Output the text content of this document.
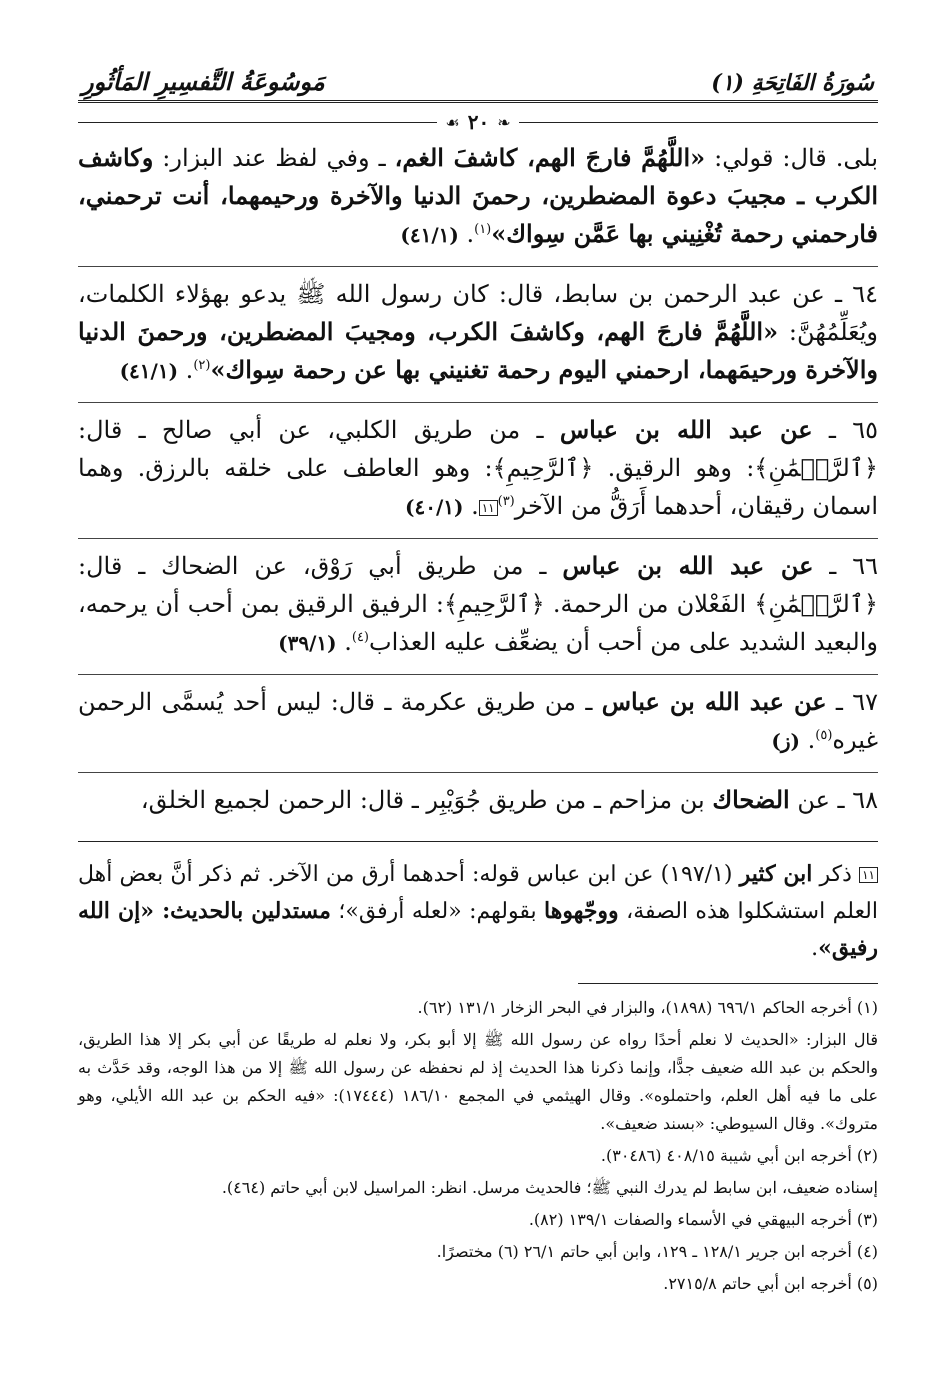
سُورَةُ الفَاتِحَةِ (١)
مَوسُوعَةُ التَّفسِيرِ المَأثُورِ
❧
٢٠
☙
بلى. قال: قولي: «اللَّهُمَّ فارجَ الهم، كاشفَ الغم، ـ وفي لفظ عند البزار: وكاشف الكرب ـ مجيبَ دعوة المضطرين، رحمنَ الدنيا والآخرة ورحيمهما، أنت ترحمني، فارحمني رحمة تُغْنِيني بها عَمَّن سِواك»$^{(١)}$. (٤١/١)
٦٤ ـ عن عبد الرحمن بن سابط، قال: كان رسول الله ﷺ يدعو بهؤلاء الكلمات، ويُعَلِّمُهُنَّ: «اللَّهُمَّ فارجَ الهم، وكاشفَ الكرب، ومجيبَ المضطرين، ورحمنَ الدنيا والآخرة ورحيمَهما، ارحمني اليوم رحمة تغنيني بها عن رحمة سِواك»$^{(٢)}$. (٤١/١)
٦٥ ـ عن عبد الله بن عباس ـ من طريق الكلبي، عن أبي صالح ـ قال: ﴿ٱلرَّحۡمَٰنِ﴾: وهو الرقيق. ﴿ٱلرَّحِيمِ﴾: وهو العاطف على خلقه بالرزق. وهما اسمان رقيقان، أحدهما أَرَقُّ من الآخر$^{(٣)}$١١. (٤٠/١)
٦٦ ـ عن عبد الله بن عباس ـ من طريق أبي رَوْق، عن الضحاك ـ قال: ﴿ٱلرَّحۡمَٰنِ﴾ الفَعْلان من الرحمة. ﴿ٱلرَّحِيمِ﴾: الرفيق الرقيق بمن أحب أن يرحمه، والبعيد الشديد على من أحب أن يضعِّف عليه العذاب$^{(٤)}$. (٣٩/١)
٦٧ ـ عن عبد الله بن عباس ـ من طريق عكرمة ـ قال: ليس أحد يُسمَّى الرحمن غيره$^{(٥)}$. (ز)
٦٨ ـ عن الضحاك بن مزاحم ـ من طريق جُوَيْبِر ـ قال: الرحمن لجميع الخلق،
١١ ذكر ابن كثير (١٩٧/١) عن ابن عباس قوله: أحدهما أرق من الآخر. ثم ذكر أنَّ بعض أهل العلم استشكلوا هذه الصفة، ووجّهوها بقولهم: «لعله أرفق»؛ مستدلين بالحديث: «إن الله رفيق».

(١) أخرجه الحاكم ٦٩٦/١ (١٨٩٨)، والبزار في البحر الزخار ١٣١/١ (٦٢).

قال البزار: «الحديث لا نعلم أحدًا رواه عن رسول الله ﷺ إلا أبو بكر، ولا نعلم له طريقًا عن أبي بكر إلا هذا الطريق، والحكم بن عبد الله ضعيف جدًّا، وإنما ذكرنا هذا الحديث إذ لم نحفظه عن رسول الله ﷺ إلا من هذا الوجه، وقد حَدَّث به على ما فيه أهل العلم، واحتملوه». وقال الهيثمي في المجمع ١٨٦/١٠ (١٧٤٤٤): «فيه الحكم بن عبد الله الأيلي، وهو متروك». وقال السيوطي: «بسند ضعيف».

(٢) أخرجه ابن أبي شيبة ٤٠٨/١٥ (٣٠٤٨٦).

إسناده ضعيف، ابن سابط لم يدرك النبي ﷺ؛ فالحديث مرسل. انظر: المراسيل لابن أبي حاتم (٤٦٤).

(٣) أخرجه البيهقي في الأسماء والصفات ١٣٩/١ (٨٢).

(٤) أخرجه ابن جرير ١٢٨/١ ـ ١٢٩، وابن أبي حاتم ٢٦/١ (٦) مختصرًا.

(٥) أخرجه ابن أبي حاتم ٢٧١٥/٨.
